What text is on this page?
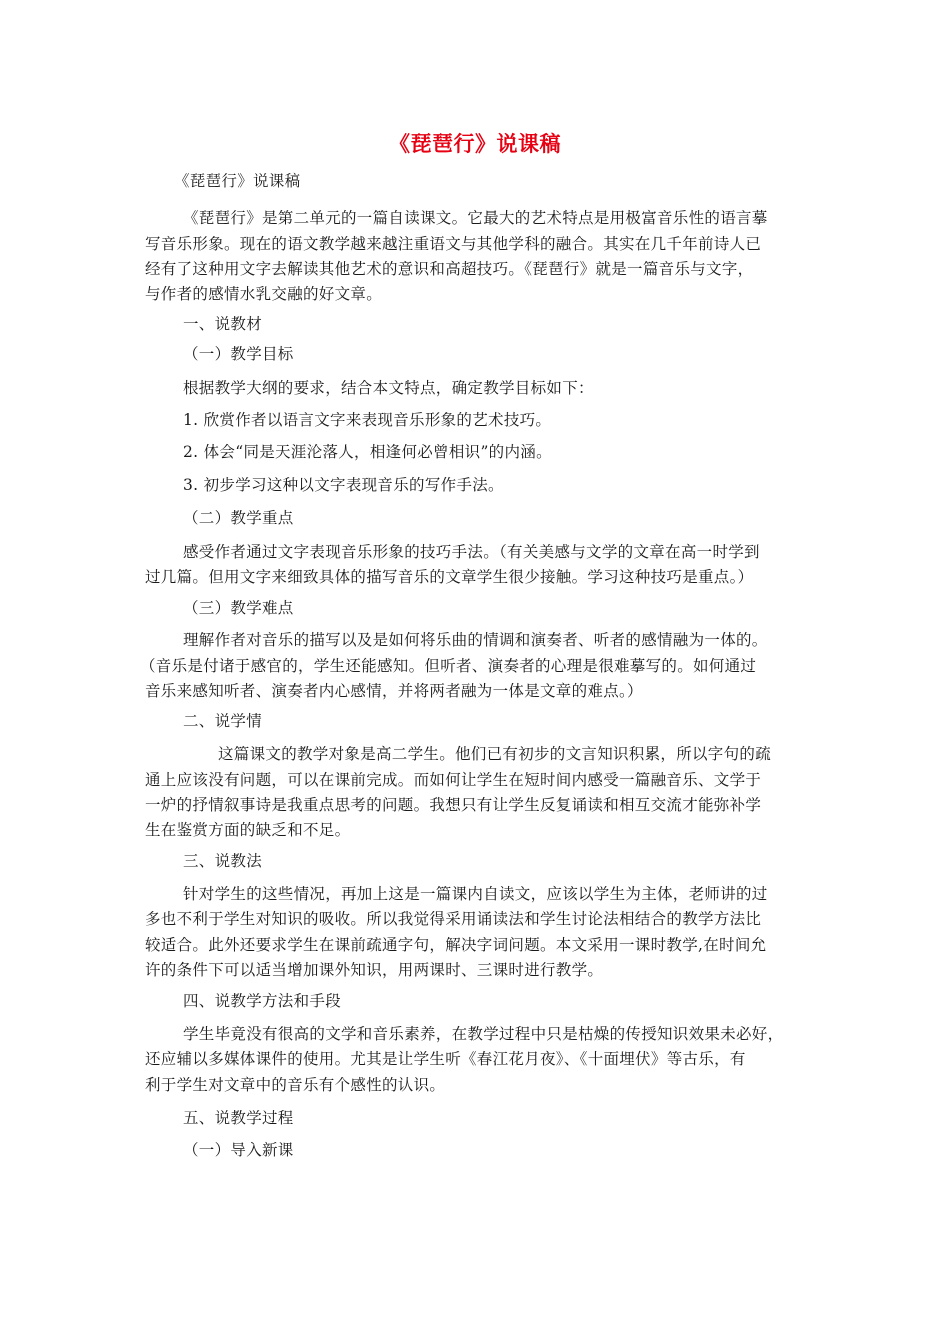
《琵琶行》说课稿
《琵琶行》说课稿
《琵琶行》是第二单元的一篇自读课文。它最大的艺术特点是用极富音乐性的语言摹
写音乐形象。现在的语文教学越来越注重语文与其他学科的融合。其实在几千年前诗人已
经有了这种用文字去解读其他艺术的意识和高超技巧。《琵琶行》就是一篇音乐与文字，
与作者的感情水乳交融的好文章。
一、说教材
（一）教学目标
根据教学大纲的要求，结合本文特点，确定教学目标如下：
1. 欣赏作者以语言文字来表现音乐形象的艺术技巧。
2. 体会“同是天涯沦落人，相逢何必曾相识”的内涵。
3. 初步学习这种以文字表现音乐的写作手法。
（二）教学重点
感受作者通过文字表现音乐形象的技巧手法。（有关美感与文学的文章在高一时学到
过几篇。但用文字来细致具体的描写音乐的文章学生很少接触。学习这种技巧是重点。）
（三）教学难点
理解作者对音乐的描写以及是如何将乐曲的情调和演奏者、听者的感情融为一体的。
（音乐是付诸于感官的，学生还能感知。但听者、演奏者的心理是很难摹写的。如何通过
音乐来感知听者、演奏者内心感情，并将两者融为一体是文章的难点。）
二、说学情
这篇课文的教学对象是高二学生。他们已有初步的文言知识积累，所以字句的疏
通上应该没有问题，可以在课前完成。而如何让学生在短时间内感受一篇融音乐、文学于
一炉的抒情叙事诗是我重点思考的问题。我想只有让学生反复诵读和相互交流才能弥补学
生在鉴赏方面的缺乏和不足。
三、说教法
针对学生的这些情况，再加上这是一篇课内自读文，应该以学生为主体，老师讲的过
多也不利于学生对知识的吸收。所以我觉得采用诵读法和学生讨论法相结合的教学方法比
较适合。此外还要求学生在课前疏通字句，解决字词问题。本文采用一课时教学,在时间允
许的条件下可以适当增加课外知识，用两课时、三课时进行教学。
四、说教学方法和手段
学生毕竟没有很高的文学和音乐素养，在教学过程中只是枯燥的传授知识效果未必好，
还应辅以多媒体课件的使用。尤其是让学生听《春江花月夜》、《十面埋伏》等古乐，有
利于学生对文章中的音乐有个感性的认识。
五、说教学过程
（一）导入新课
